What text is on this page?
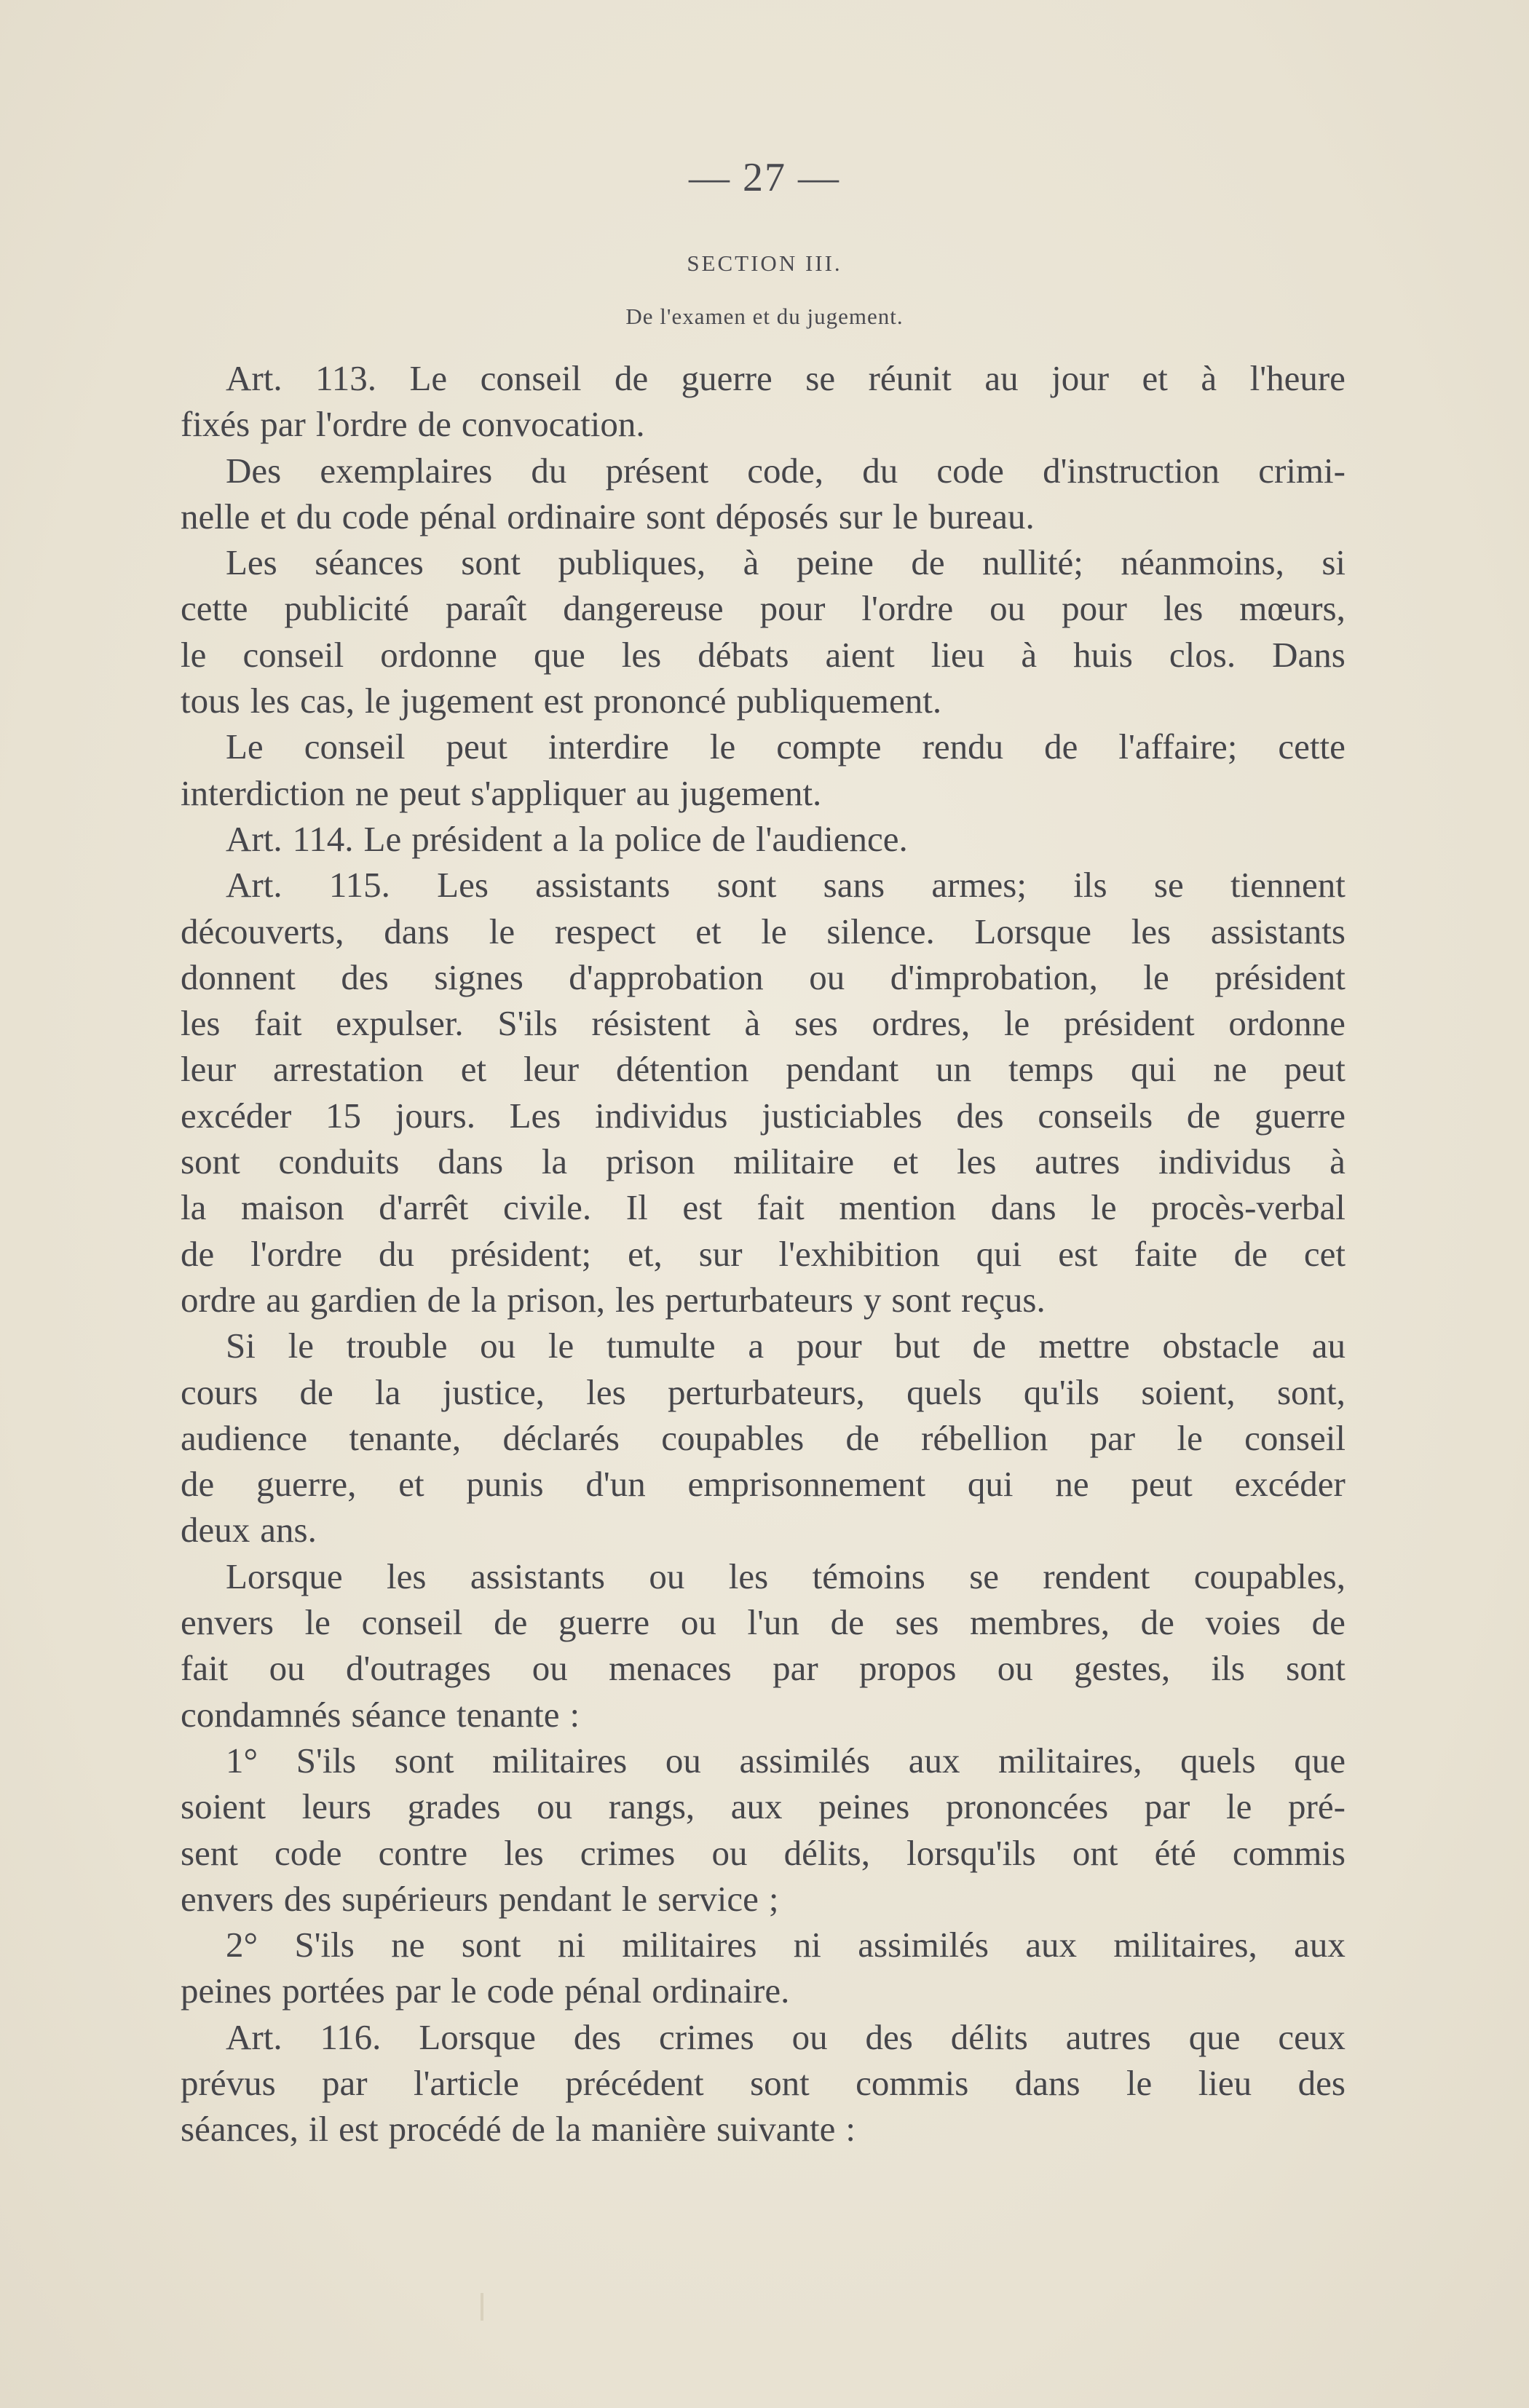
— 27 —
SECTION III.
De l'examen et du jugement.
Art. 113. Le conseil de guerre se réunit au jour et à l'heure
fixés par l'ordre de convocation.
Des exemplaires du présent code, du code d'instruction crimi-
nelle et du code pénal ordinaire sont déposés sur le bureau.
Les séances sont publiques, à peine de nullité; néanmoins, si
cette publicité paraît dangereuse pour l'ordre ou pour les mœurs,
le conseil ordonne que les débats aient lieu à huis clos. Dans
tous les cas, le jugement est prononcé publiquement.
Le conseil peut interdire le compte rendu de l'affaire; cette
interdiction ne peut s'appliquer au jugement.
Art. 114. Le président a la police de l'audience.
Art. 115. Les assistants sont sans armes; ils se tiennent
découverts, dans le respect et le silence. Lorsque les assistants
donnent des signes d'approbation ou d'improbation, le président
les fait expulser. S'ils résistent à ses ordres, le président ordonne
leur arrestation et leur détention pendant un temps qui ne peut
excéder 15 jours. Les individus justiciables des conseils de guerre
sont conduits dans la prison militaire et les autres individus à
la maison d'arrêt civile. Il est fait mention dans le procès-verbal
de l'ordre du président; et, sur l'exhibition qui est faite de cet
ordre au gardien de la prison, les perturbateurs y sont reçus.
Si le trouble ou le tumulte a pour but de mettre obstacle au
cours de la justice, les perturbateurs, quels qu'ils soient, sont,
audience tenante, déclarés coupables de rébellion par le conseil
de guerre, et punis d'un emprisonnement qui ne peut excéder
deux ans.
Lorsque les assistants ou les témoins se rendent coupables,
envers le conseil de guerre ou l'un de ses membres, de voies de
fait ou d'outrages ou menaces par propos ou gestes, ils sont
condamnés séance tenante :
1° S'ils sont militaires ou assimilés aux militaires, quels que
soient leurs grades ou rangs, aux peines prononcées par le pré-
sent code contre les crimes ou délits, lorsqu'ils ont été commis
envers des supérieurs pendant le service ;
2° S'ils ne sont ni militaires ni assimilés aux militaires, aux
peines portées par le code pénal ordinaire.
Art. 116. Lorsque des crimes ou des délits autres que ceux
prévus par l'article précédent sont commis dans le lieu des
séances, il est procédé de la manière suivante :
